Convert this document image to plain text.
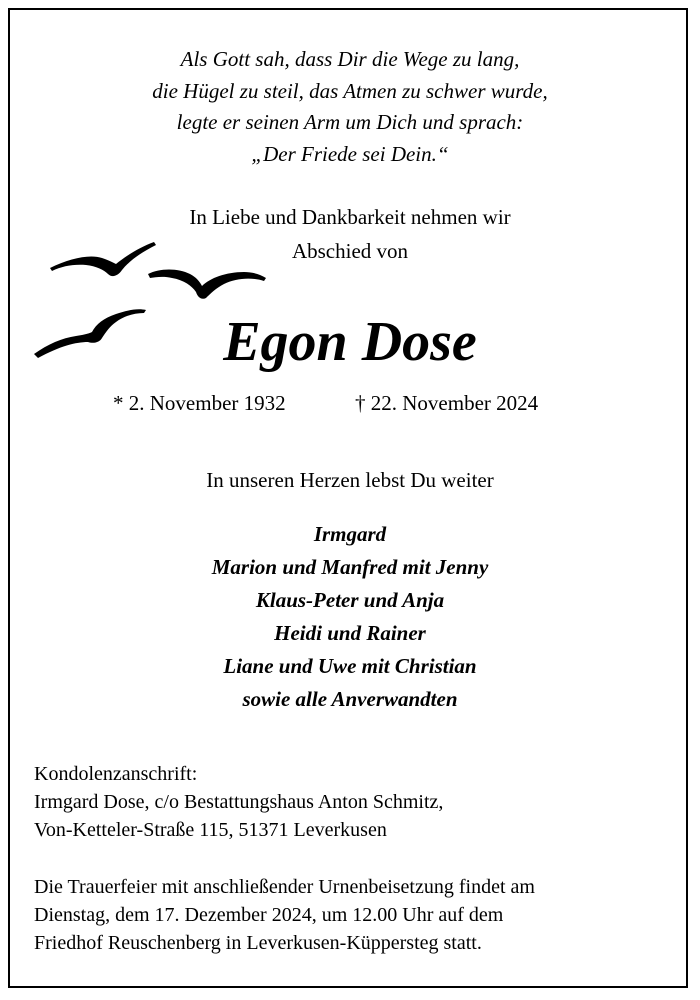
Als Gott sah, dass Dir die Wege zu lang,
die Hügel zu steil, das Atmen zu schwer wurde,
legte er seinen Arm um Dich und sprach:
„Der Friede sei Dein.“
In Liebe und Dankbarkeit nehmen wir
Abschied von
Egon Dose
* 2. November 1932	† 22. November 2024
In unseren Herzen lebst Du weiter
Irmgard
Marion und Manfred mit Jenny
Klaus-Peter und Anja
Heidi und Rainer
Liane und Uwe mit Christian
sowie alle Anverwandten
Kondolenzanschrift:
Irmgard Dose, c/o Bestattungshaus Anton Schmitz,
Von-Ketteler-Straße 115, 51371 Leverkusen
Die Trauerfeier mit anschließender Urnenbeisetzung findet am
Dienstag, dem 17. Dezember 2024, um 12.00 Uhr auf dem
Friedhof Reuschenberg in Leverkusen-Küppersteg statt.
